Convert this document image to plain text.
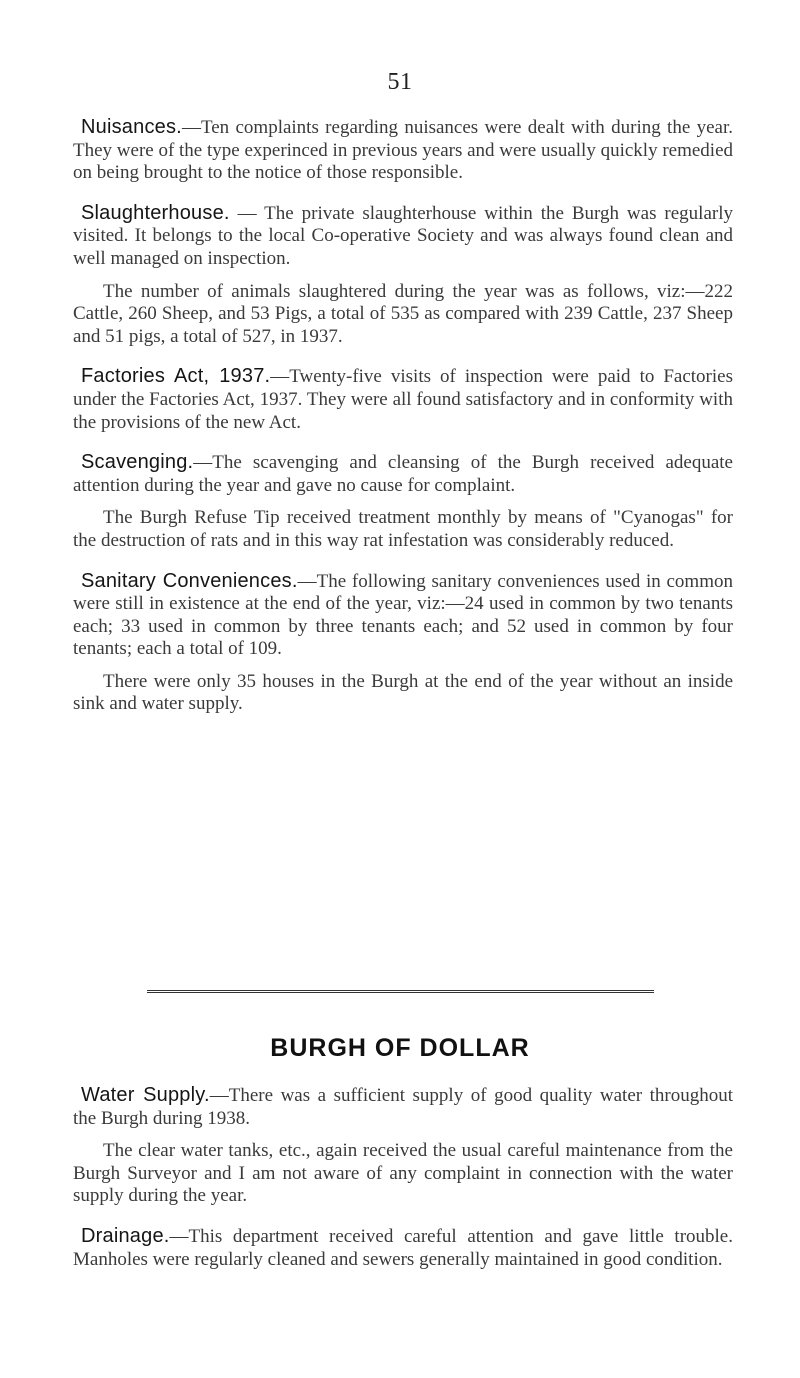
51

Nuisances.—Ten complaints regarding nuisances were dealt with during the year. They were of the type experinced in previous years and were usually quickly remedied on being brought to the notice of those responsible.

Slaughterhouse. — The private slaughterhouse within the Burgh was regularly visited. It belongs to the local Co-operative Society and was always found clean and well managed on inspection.

The number of animals slaughtered during the year was as follows, viz:—222 Cattle, 260 Sheep, and 53 Pigs, a total of 535 as compared with 239 Cattle, 237 Sheep and 51 pigs, a total of 527, in 1937.

Factories Act, 1937.—Twenty-five visits of inspection were paid to Factories under the Factories Act, 1937. They were all found satisfactory and in conformity with the provisions of the new Act.

Scavenging.—The scavenging and cleansing of the Burgh received adequate attention during the year and gave no cause for complaint.

The Burgh Refuse Tip received treatment monthly by means of "Cyanogas" for the destruction of rats and in this way rat infestation was considerably reduced.

Sanitary Conveniences.—The following sanitary conveniences used in common were still in existence at the end of the year, viz:—24 used in common by two tenants each; 33 used in common by three tenants each; and 52 used in common by four tenants; each a total of 109.

There were only 35 houses in the Burgh at the end of the year without an inside sink and water supply.

BURGH OF DOLLAR

Water Supply.—There was a sufficient supply of good quality water throughout the Burgh during 1938.

The clear water tanks, etc., again received the usual careful maintenance from the Burgh Surveyor and I am not aware of any complaint in connection with the water supply during the year.

Drainage.—This department received careful attention and gave little trouble. Manholes were regularly cleaned and sewers generally maintained in good condition.
